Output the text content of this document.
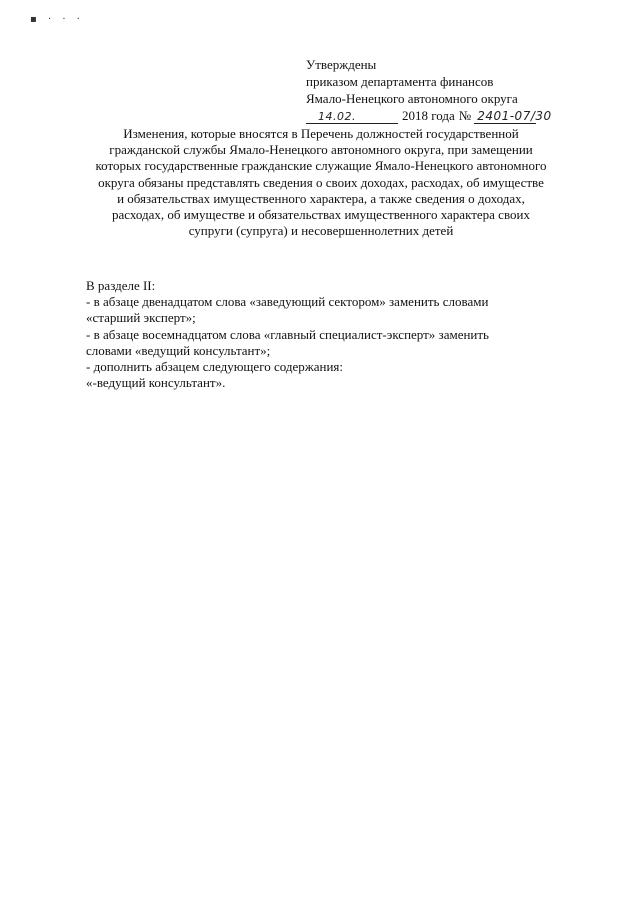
▪ · · ·
Утверждены
приказом департамента финансов
Ямало-Ненецкого автономного округа
14.02.	2018 года № 2401-07/30
Изменения, которые вносятся в Перечень должностей государственной
гражданской службы Ямало-Ненецкого автономного округа, при замещении
которых государственные гражданские служащие Ямало-Ненецкого автономного
округа обязаны представлять сведения о своих доходах, расходах, об имуществе
и обязательствах имущественного характера, а также сведения о доходах,
расходах, об имуществе и обязательствах имущественного характера своих
супруги (супруга) и несовершеннолетних детей
В разделе II:
- в абзаце двенадцатом слова «заведующий сектором» заменить словами
«старший эксперт»;
- в абзаце восемнадцатом слова «главный специалист-эксперт» заменить
словами «ведущий консультант»;
- дополнить абзацем следующего содержания:
«-ведущий консультант».
